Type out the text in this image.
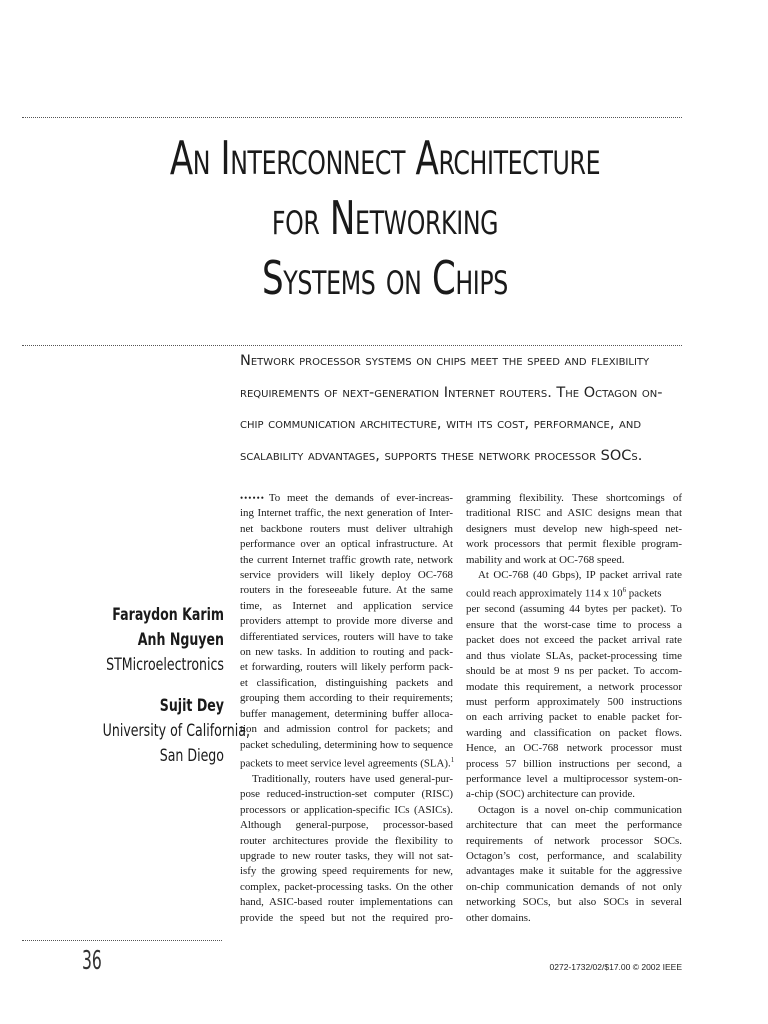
An Interconnect Architecture
for Networking
Systems on Chips

Network processor systems on chips meet the speed and flexibility
requirements of next-generation Internet routers. The Octagon on-
chip communication architecture, with its cost, performance, and
scalability advantages, supports these network processor SOCs.

Faraydon Karim
Anh Nguyen
STMicroelectronics
Sujit Dey
University of California,
San Diego
•••••• To meet the demands of ever-increas-
ing Internet traffic, the next generation of Inter-
net backbone routers must deliver ultrahigh
performance over an optical infrastructure. At
the current Internet traffic growth rate, network
service providers will likely deploy OC-768
routers in the foreseeable future. At the same
time, as Internet and application service
providers attempt to provide more diverse and
differentiated services, routers will have to take
on new tasks. In addition to routing and pack-
et forwarding, routers will likely perform pack-
et classification, distinguishing packets and
grouping them according to their requirements;
buffer management, determining buffer alloca-
tion and admission control for packets; and
packet scheduling, determining how to sequence
packets to meet service level agreements (SLA).$^1$
Traditionally, routers have used general-pur-
pose reduced-instruction-set computer (RISC)
processors or application-specific ICs (ASICs).
Although general-purpose, processor-based
router architectures provide the flexibility to
upgrade to new router tasks, they will not sat-
isfy the growing speed requirements for new,
complex, packet-processing tasks. On the other
hand, ASIC-based router implementations can
provide the speed but not the required pro-
gramming flexibility. These shortcomings of
traditional RISC and ASIC designs mean that
designers must develop new high-speed net-
work processors that permit flexible program-
mability and work at OC-768 speed.
At OC-768 (40 Gbps), IP packet arrival rate
could reach approximately 114 x $10^6$ packets
per second (assuming 44 bytes per packet). To
ensure that the worst-case time to process a
packet does not exceed the packet arrival rate
and thus violate SLAs, packet-processing time
should be at most 9 ns per packet. To accom-
modate this requirement, a network processor
must perform approximately 500 instructions
on each arriving packet to enable packet for-
warding and classification on packet flows.
Hence, an OC-768 network processor must
process 57 billion instructions per second, a
performance level a multiprocessor system-on-
a-chip (SOC) architecture can provide.
Octagon is a novel on-chip communication
architecture that can meet the performance
requirements of network processor SOCs.
Octagon’s cost, performance, and scalability
advantages make it suitable for the aggressive
on-chip communication demands of not only
networking SOCs, but also SOCs in several
other domains.
36	0272-1732/02/$17.00 © 2002 IEEE
